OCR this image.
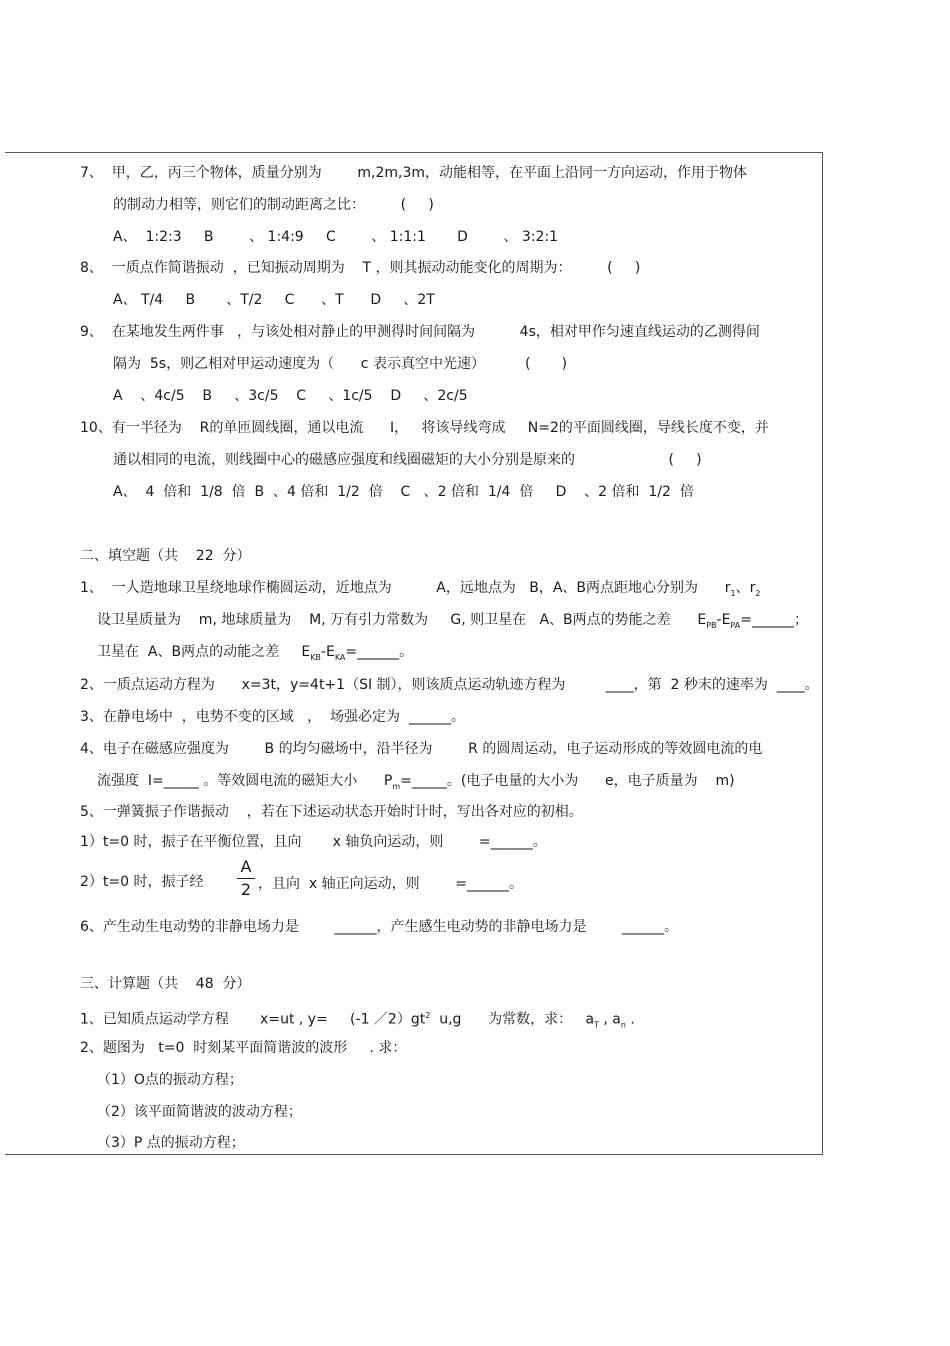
7、  甲，乙，丙三个物体，质量分别为        m,2m,3m，动能相等，在平面上沿同一方向运动，作用于物体
的制动力相等，则它们的制动距离之比：        (     )
A、  1:2:3     B        、 1:4:9     C        、 1:1:1       D        、 3:2:1
8、  一质点作简谐振动  ，已知振动周期为    T ，则其振动动能变化的周期为：        (     )
A、 T/4     B       、T/2     C      、T      D     、2T
9、  在某地发生两件事   ，与该处相对静止的甲测得时间间隔为          4s，相对甲作匀速直线运动的乙测得间
隔为  5s，则乙相对甲运动速度为（      c 表示真空中光速）         (       )
A    、4c/5    B     、3c/5    C     、1c/5    D     、2c/5
10、有一半径为    R的单匝圆线圈，通以电流      I，   将该导线弯成     N=2的平面圆线圈，导线长度不变，并
通以相同的电流，则线圈中心的磁感应强度和线圈磁矩的大小分别是原来的                     (     )
A、  4  倍和  1/8  倍  B  、4 倍和  1/2  倍    C   、2 倍和  1/4  倍     D    、2 倍和  1/2  倍
二、填空题（共    22  分）
1、  一人造地球卫星绕地球作椭圆运动，近地点为          A，远地点为   B，A、B两点距地心分别为      $r_1$、$r_2$
设卫星质量为    m, 地球质量为    M, 万有引力常数为     G, 则卫星在   A、B两点的势能之差      $E_{PB}-E_{PA}=\_\_\_\_\_\_$；
卫星在  A、B两点的动能之差     $E_{KB}-E_{KA}=\_\_\_\_\_\_$。
2、一质点运动方程为      x=3t，y=4t+1（SI 制），则该质点运动轨迹方程为         ____，第  2 秒末的速率为  ____。
3、在静电场中  ，电势不变的区域   ，  场强必定为  ______。
4、电子在磁感应强度为        B 的均匀磁场中，沿半径为        R 的圆周运动，电子运动形成的等效圆电流的电
流强度  I=_____ 。等效圆电流的磁矩大小      $P_m=\_\_\_\_\_$。(电子电量的大小为      e，电子质量为    m)
5、一弹簧振子作谐振动    ，若在下述运动状态开始时计时，写出各对应的初相。
1）t=0 时，振子在平衡位置，且向       x 轴负向运动，则        =______。
2）t=0 时，振子经
A
2 ，且向  x 轴正向运动，则        =______。
6、产生动生电动势的非静电场力是        ______，产生感生电动势的非静电场力是        ______。
三、计算题（共    48  分）
1、已知质点运动学方程       x=ut , y=     (-1 $/2)gt^2$  u,g      为常数，求：   $a_T$ , $a_n$ .
2、题图为   t=0  时刻某平面简谐波的波形     . 求：
（1）O点的振动方程；
（2）该平面简谐波的波动方程；
（3）P 点的振动方程；
